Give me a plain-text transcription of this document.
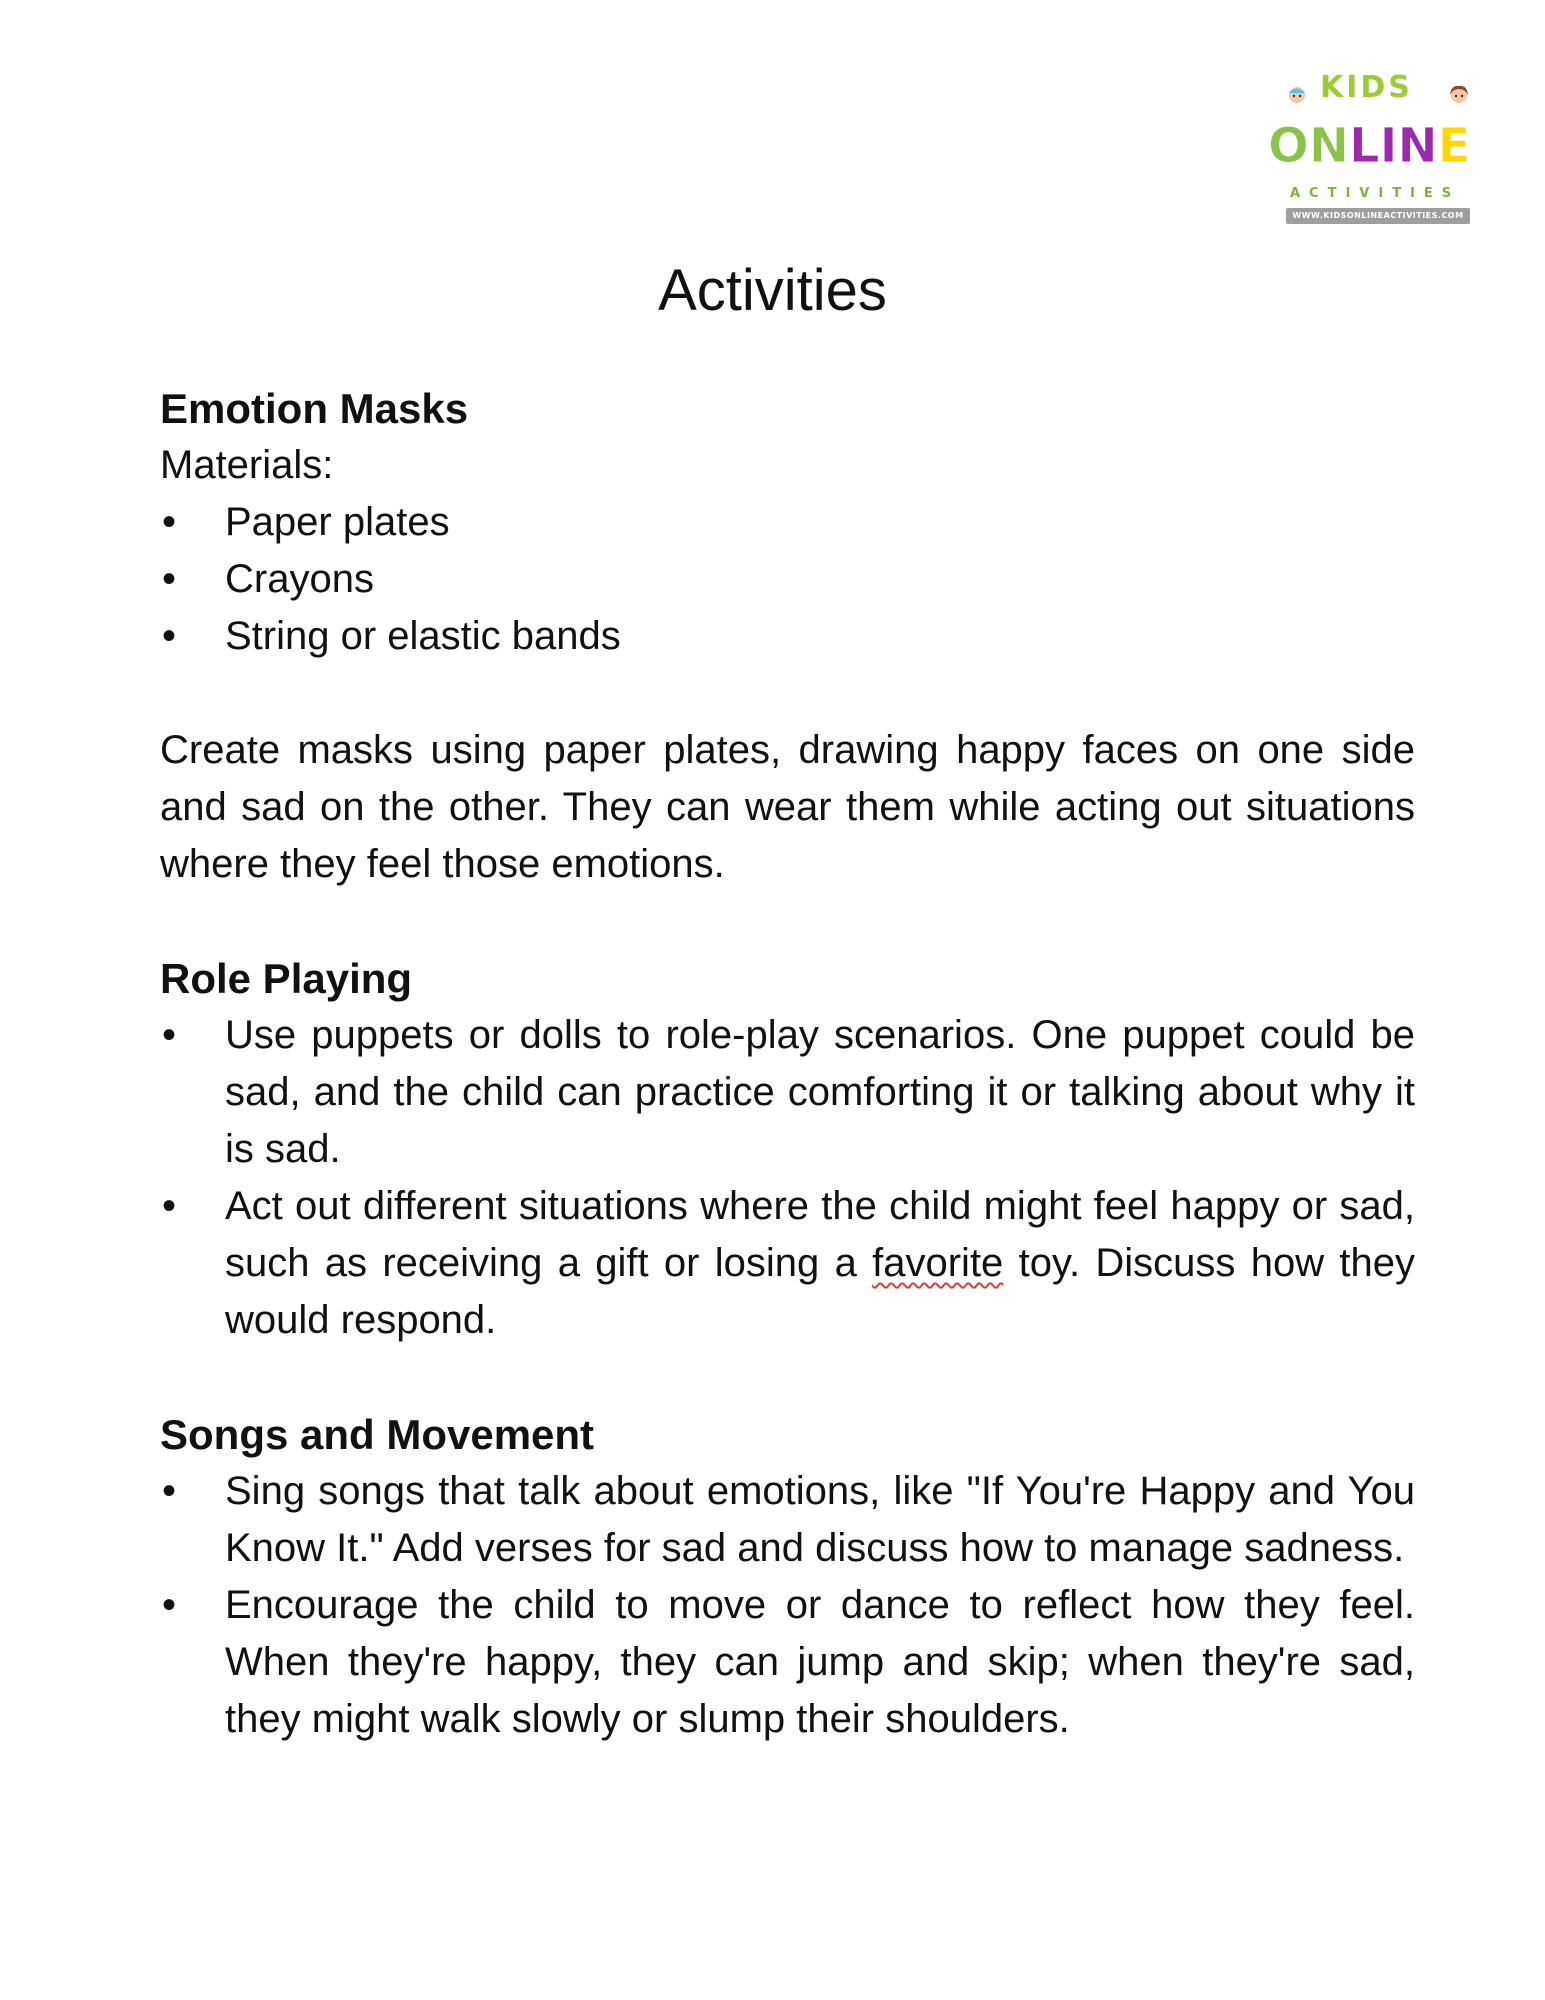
KIDS
ONLINE
ACTIVITIES
WWW.KIDSONLINEACTIVITIES.COM
Activities

Emotion Masks

Materials:

• Paper plates
• Crayons
• String or elastic bands

Create masks using paper plates, drawing happy faces on one side and sad on the other. They can wear them while acting out situations where they feel those emotions.

Role Playing

• Use puppets or dolls to role-play scenarios. One puppet could be sad, and the child can practice comforting it or talking about why it is sad.
• Act out different situations where the child might feel happy or sad, such as receiving a gift or losing a favorite toy. Discuss how they would respond.

Songs and Movement

• Sing songs that talk about emotions, like "If You're Happy and You Know It." Add verses for sad and discuss how to manage sadness.
• Encourage the child to move or dance to reflect how they feel. When they're happy, they can jump and skip; when they're sad, they might walk slowly or slump their shoulders.
